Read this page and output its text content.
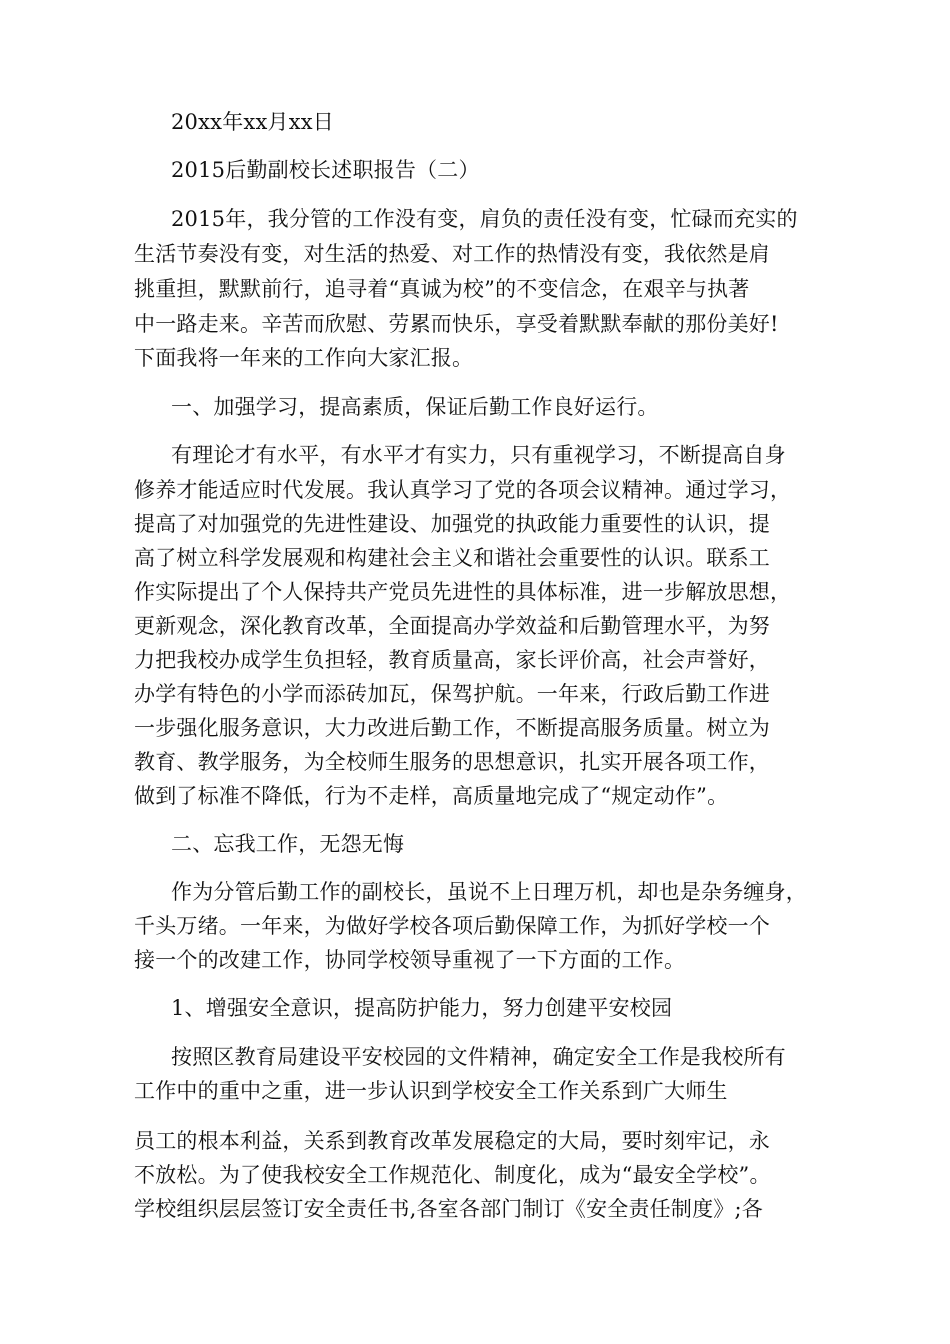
20xx年xx月xx日
2015后勤副校长述职报告（二）
2015年，我分管的工作没有变，肩负的责任没有变，忙碌而充实的
生活节奏没有变，对生活的热爱、对工作的热情没有变，我依然是肩
挑重担，默默前行，追寻着“真诚为校”的不变信念，在艰辛与执著
中一路走来。辛苦而欣慰、劳累而快乐，享受着默默奉献的那份美好!
下面我将一年来的工作向大家汇报。
一、加强学习，提高素质，保证后勤工作良好运行。
有理论才有水平，有水平才有实力，只有重视学习，不断提高自身
修养才能适应时代发展。我认真学习了党的各项会议精神。通过学习，
提高了对加强党的先进性建设、加强党的执政能力重要性的认识，提
高了树立科学发展观和构建社会主义和谐社会重要性的认识。联系工
作实际提出了个人保持共产党员先进性的具体标准，进一步解放思想，
更新观念，深化教育改革，全面提高办学效益和后勤管理水平，为努
力把我校办成学生负担轻，教育质量高，家长评价高，社会声誉好，
办学有特色的小学而添砖加瓦，保驾护航。一年来，行政后勤工作进
一步强化服务意识，大力改进后勤工作，不断提高服务质量。树立为
教育、教学服务，为全校师生服务的思想意识，扎实开展各项工作，
做到了标准不降低，行为不走样，高质量地完成了“规定动作”。
二、忘我工作，无怨无悔
作为分管后勤工作的副校长，虽说不上日理万机，却也是杂务缠身，
千头万绪。一年来，为做好学校各项后勤保障工作，为抓好学校一个
接一个的改建工作，协同学校领导重视了一下方面的工作。
1、增强安全意识，提高防护能力，努力创建平安校园
按照区教育局建设平安校园的文件精神，确定安全工作是我校所有
工作中的重中之重，进一步认识到学校安全工作关系到广大师生
员工的根本利益，关系到教育改革发展稳定的大局，要时刻牢记，永
不放松。为了使我校安全工作规范化、制度化，成为“最安全学校”。
学校组织层层签订安全责任书,各室各部门制订《安全责任制度》;各
